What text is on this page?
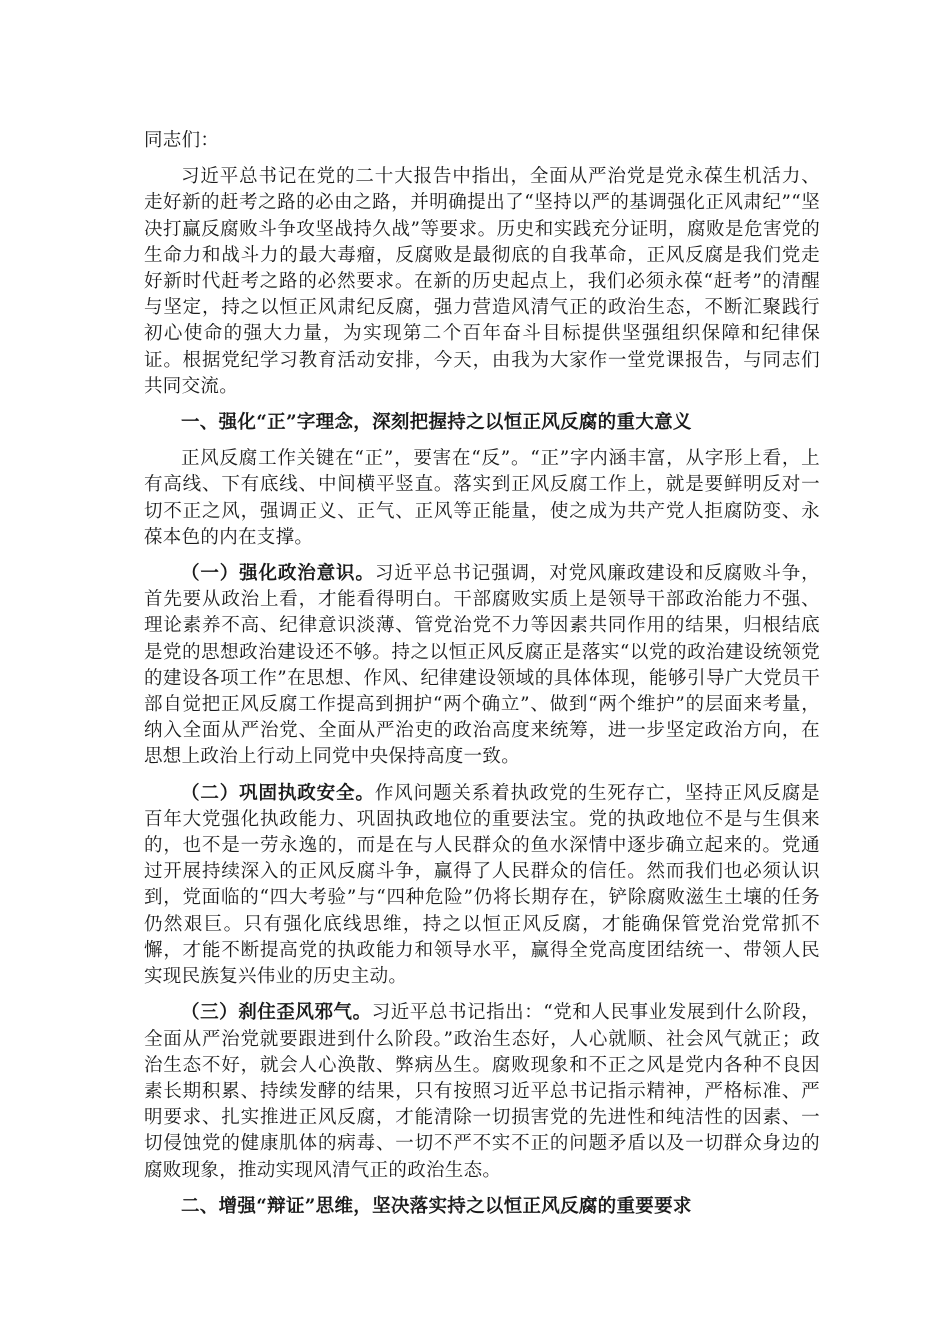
同志们：

习近平总书记在党的二十大报告中指出，全面从严治党是党永葆生机活力、走好新的赶考之路的必由之路，并明确提出了“坚持以严的基调强化正风肃纪”“坚决打赢反腐败斗争攻坚战持久战”等要求。历史和实践充分证明，腐败是危害党的生命力和战斗力的最大毒瘤，反腐败是最彻底的自我革命，正风反腐是我们党走好新时代赶考之路的必然要求。在新的历史起点上，我们必须永葆“赶考”的清醒与坚定，持之以恒正风肃纪反腐，强力营造风清气正的政治生态，不断汇聚践行初心使命的强大力量，为实现第二个百年奋斗目标提供坚强组织保障和纪律保证。根据党纪学习教育活动安排，今天，由我为大家作一堂党课报告，与同志们共同交流。

一、强化“正”字理念，深刻把握持之以恒正风反腐的重大意义

正风反腐工作关键在“正”，要害在“反”。“正”字内涵丰富，从字形上看，上有高线、下有底线、中间横平竖直。落实到正风反腐工作上，就是要鲜明反对一切不正之风，强调正义、正气、正风等正能量，使之成为共产党人拒腐防变、永葆本色的内在支撑。

（一）强化政治意识。习近平总书记强调，对党风廉政建设和反腐败斗争，首先要从政治上看，才能看得明白。干部腐败实质上是领导干部政治能力不强、理论素养不高、纪律意识淡薄、管党治党不力等因素共同作用的结果，归根结底是党的思想政治建设还不够。持之以恒正风反腐正是落实“以党的政治建设统领党的建设各项工作”在思想、作风、纪律建设领域的具体体现，能够引导广大党员干部自觉把正风反腐工作提高到拥护“两个确立”、做到“两个维护”的层面来考量，纳入全面从严治党、全面从严治吏的政治高度来统筹，进一步坚定政治方向，在思想上政治上行动上同党中央保持高度一致。

（二）巩固执政安全。作风问题关系着执政党的生死存亡，坚持正风反腐是百年大党强化执政能力、巩固执政地位的重要法宝。党的执政地位不是与生俱来的，也不是一劳永逸的，而是在与人民群众的鱼水深情中逐步确立起来的。党通过开展持续深入的正风反腐斗争，赢得了人民群众的信任。然而我们也必须认识到，党面临的“四大考验”与“四种危险”仍将长期存在，铲除腐败滋生土壤的任务仍然艰巨。只有强化底线思维，持之以恒正风反腐，才能确保管党治党常抓不懈，才能不断提高党的执政能力和领导水平，赢得全党高度团结统一、带领人民实现民族复兴伟业的历史主动。

（三）刹住歪风邪气。习近平总书记指出：“党和人民事业发展到什么阶段，全面从严治党就要跟进到什么阶段。”政治生态好，人心就顺、社会风气就正；政治生态不好，就会人心涣散、弊病丛生。腐败现象和不正之风是党内各种不良因素长期积累、持续发酵的结果，只有按照习近平总书记指示精神，严格标准、严明要求、扎实推进正风反腐，才能清除一切损害党的先进性和纯洁性的因素、一切侵蚀党的健康肌体的病毒、一切不严不实不正的问题矛盾以及一切群众身边的腐败现象，推动实现风清气正的政治生态。

二、增强“辩证”思维，坚决落实持之以恒正风反腐的重要要求
